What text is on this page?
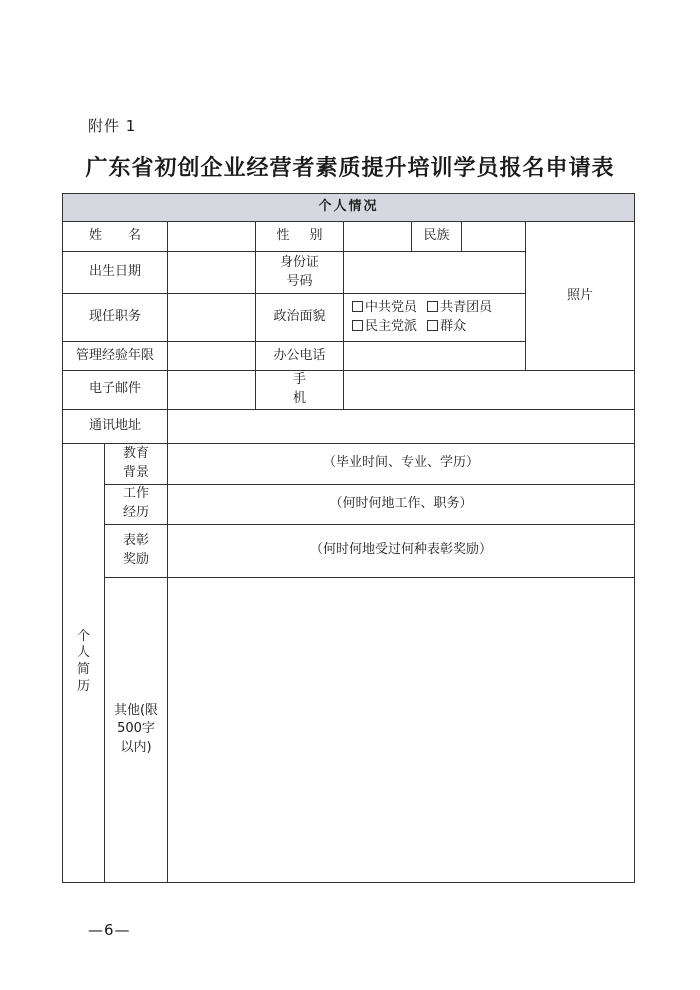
附件 1
广东省初创企业经营者素质提升培训学员报名申请表
个人情况							
姓名			性别		民族		照片
出生日期			身份证号码				
现任职务			政治面貌	中共党员 共青团员
民主党派 群众			
管理经验年限			办公电话				
电子邮件			手机				
通讯地址							
个人简历	教育背景	（毕业时间、专业、学历）					
	工作经历	（何时何地工作、职务）					
	表彰奖励	（何时何地受过何种表彰奖励）					
	其他(限500字以内)						
—6—
